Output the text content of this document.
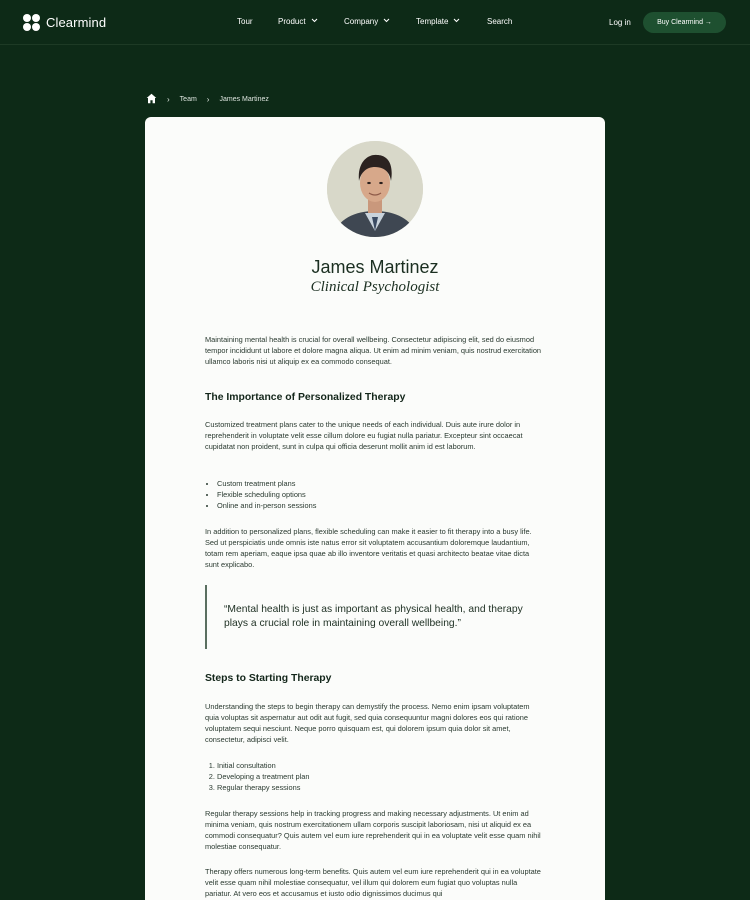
Clearmind	Tour	Product	Company	Template	Search	Log in	Buy Clearmind →
› Team › James Martinez
James Martinez
Clinical Psychologist

Maintaining mental health is crucial for overall wellbeing. Consectetur adipiscing elit, sed do eiusmod tempor incididunt ut labore et dolore magna aliqua. Ut enim ad minim veniam, quis nostrud exercitation ullamco laboris nisi ut aliquip ex ea commodo consequat.

The Importance of Personalized Therapy

Customized treatment plans cater to the unique needs of each individual. Duis aute irure dolor in reprehenderit in voluptate velit esse cillum dolore eu fugiat nulla pariatur. Excepteur sint occaecat cupidatat non proident, sunt in culpa qui officia deserunt mollit anim id est laborum.

• Custom treatment plans
• Flexible scheduling options
• Online and in-person sessions

In addition to personalized plans, flexible scheduling can make it easier to fit therapy into a busy life. Sed ut perspiciatis unde omnis iste natus error sit voluptatem accusantium doloremque laudantium, totam rem aperiam, eaque ipsa quae ab illo inventore veritatis et quasi architecto beatae vitae dicta sunt explicabo.

“Mental health is just as important as physical health, and therapy plays a crucial role in maintaining overall wellbeing.”
Steps to Starting Therapy

Understanding the steps to begin therapy can demystify the process. Nemo enim ipsam voluptatem quia voluptas sit aspernatur aut odit aut fugit, sed quia consequuntur magni dolores eos qui ratione voluptatem sequi nesciunt. Neque porro quisquam est, qui dolorem ipsum quia dolor sit amet, consectetur, adipisci velit.

1. Initial consultation
2. Developing a treatment plan
3. Regular therapy sessions

Regular therapy sessions help in tracking progress and making necessary adjustments. Ut enim ad minima veniam, quis nostrum exercitationem ullam corporis suscipit laboriosam, nisi ut aliquid ex ea commodi consequatur? Quis autem vel eum iure reprehenderit qui in ea voluptate velit esse quam nihil molestiae consequatur.

Therapy offers numerous long-term benefits. Quis autem vel eum iure reprehenderit qui in ea voluptate velit esse quam nihil molestiae consequatur, vel illum qui dolorem eum fugiat quo voluptas nulla pariatur. At vero eos et accusamus et iusto odio dignissimos ducimus qui
